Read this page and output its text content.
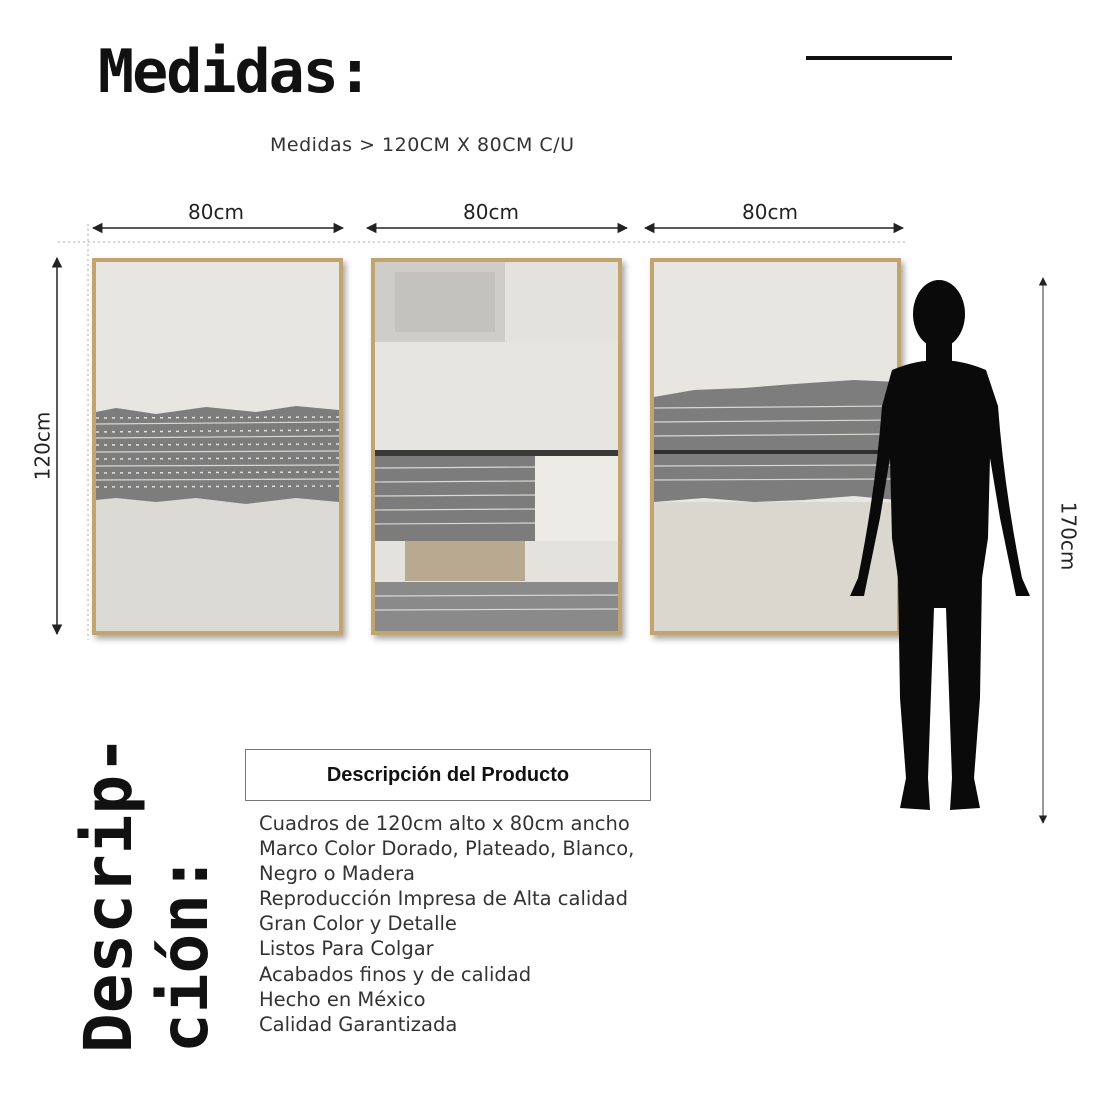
Medidas:
Medidas > 120CM X 80CM C/U
80cm	80cm	80cm
120cm
170cm
Descrip- ción:
Descripción del Producto
Cuadros de 120cm alto x 80cm ancho
Marco Color Dorado, Plateado, Blanco,
Negro o Madera
Reproducción Impresa de Alta calidad
Gran Color y Detalle
Listos Para Colgar
Acabados finos y de calidad
Hecho en México
Calidad Garantizada
